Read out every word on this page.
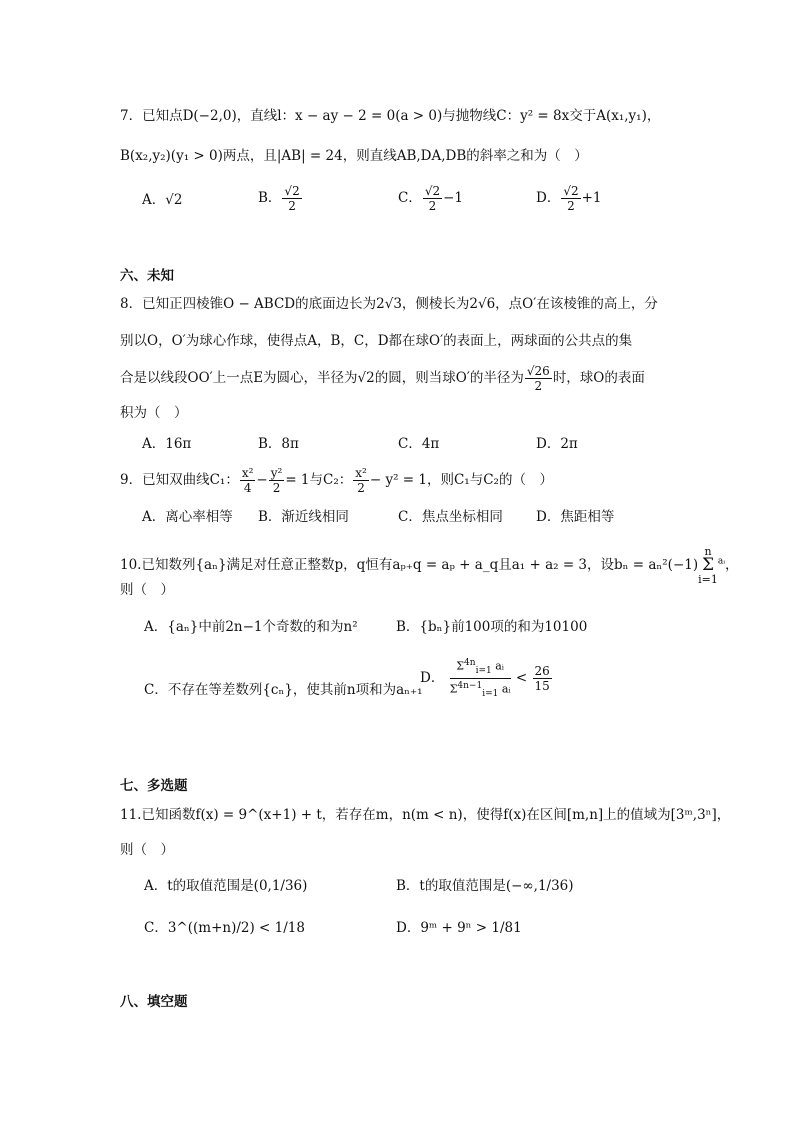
7．已知点D(−2,0)，直线l：x − ay − 2 = 0(a > 0)与抛物线C：y² = 8x交于A(x₁,y₁)，
B(x₂,y₂)(y₁ > 0)两点，且|AB| = 24，则直线AB,DA,DB的斜率之和为（　）
A．√2	B． $\frac{√2}{2}$	C． $\frac{√2}{2} -1$	D． $\frac{√2}{2} +1$
六、未知
8．已知正四棱锥O − ABCD的底面边长为2√3，侧棱长为2√6，点O′在该棱锥的高上，分
别以O，O′为球心作球，使得点A，B，C，D都在球O′的表面上，两球面的公共点的集
合是以线段OO′上一点E为圆心，半径为√2的圆，则当球O′的半径为 $\frac{√26}{2}$ 时，球O的表面
积为（　）
A．16π	B．8π	C．4π	D．2π
9．已知双曲线C₁： $\frac{\text{x²}}{4} - \frac{\text{y²}}{2} = 1$与C₂： $\frac{\text{x²}}{2} - y^2 = 1$，则C₁与C₂的（　）
A．离心率相等 B．渐近线相同	C．焦点坐标相同 D．焦距相等
10.已知数列{aₙ}满足对任意正整数p，q恒有aₚ₊q = aₚ + a_q且a₁ + a₂ = 3，设bₙ = aₙ²(−1)
n
Σ
i=1
$^{aᵢ}$，
则（　）
A．{aₙ}中前2n−1个奇数的和为n²	B．{bₙ}前100项的和为10100
C．不存在等差数列{cₙ}，使其前n项和为aₙ₊₁
D． $\frac{\Sigma^{4n}_{i=1} aᵢ}{\Sigma^{4n-1}_{i=1} aᵢ} < \frac{26}{15}$
七、多选题
11.已知函数f(x) = 9^(x+1) + t，若存在m，n(m < n)，使得f(x)在区间[m,n]上的值域为[3ᵐ,3ⁿ]，
则（　）
A．t的取值范围是(0,1/36)	B．t的取值范围是(−∞,1/36)
C．3^((m+n)/2) < 1/18	D．9ᵐ + 9ⁿ > 1/81
八、填空题
